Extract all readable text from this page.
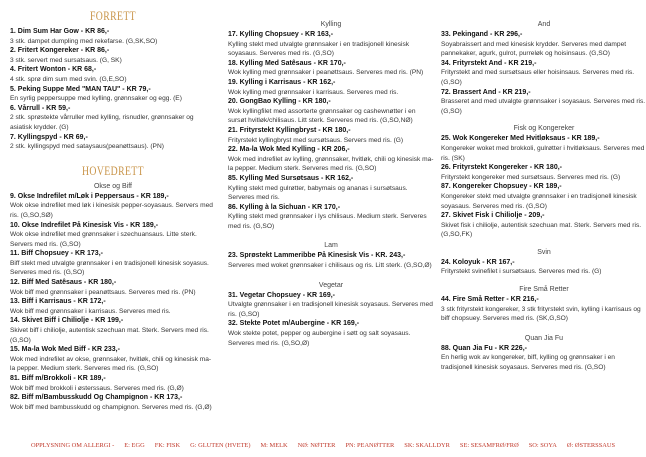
FORRETT
1. Dim Sum Har Gow - KR 86,-
3 stk. dampet dumpling med rekefarse. (G,SK,SO)
2. Fritert Kongereker - KR 86,-
3 stk. servert med sursatsaus. (G, SK)
4. Fritert Wonton - KR 68,-
4 stk. sprø dim sum med svin. (G,E,SO)
5. Peking Suppe Med "MAN TAU" - KR 79,-
En syrlig peppersuppe med kylling, grønnsaker og egg. (E)
6. Vårrull - KR 59,-
2 stk. sprøstekte vårruller med kylling, risnudler, grønnsaker og asiatisk krydder. (G)
7. Kyllingspyd - KR 69,-
2 stk. kyllingspyd med sataysaus(peanøttsaus). (PN)
HOVEDRETT
Okse og Biff
9. Okse Indrefilet m/Løk i Peppersaus - KR 189,-
Wok okse indrefilet med løk i kinesisk pepper-soyasaus. Servers med ris. (G,SO,SØ)
10. Okse Indrefilet På Kinesisk Vis - KR 189,-
Wok okse indrefilet med grønnsaker i szechuansaus. Litte sterk. Servers med ris. (G,SO)
11. Biff Chopsuey - KR 173,-
Biff stekt med utvalgte grønnsaker i en tradisjonell kinesisk soyasus. Serveres med ris. (G,SO)
12. Biff Med Satêsaus - KR 180,-
Wok biff med grønnsaker i peanøttsaus. Serveres med ris. (PN)
13. Biff i Karrisaus - KR 172,-
Wok biff med grønnsaker i karrisaus. Serveres med ris.
14. Skivet Biff i Chiliolje - KR 199,-
Skivet biff i chiliolje, autentisk szechuan mat. Sterk. Servers med ris. (G,SO)
15. Ma-la Wok Med Biff - KR 233,-
Wok med indrefilet av okse, grønnsaker, hvitløk, chili og kinesisk ma-la pepper. Medium sterk. Serveres med ris. (G,SO)
81. Biff m/Brokkoli - KR 189,-
Wok biff med brokkoli i østerssaus. Serveres med ris. (G,Ø)
82. Biff m/Bambusskudd Og Champignon - KR 173,-
Wok biff med bambusskudd og champignon. Serveres med ris. (G,Ø)
Kylling
17. Kylling Chopsuey - KR 163,-
Kylling stekt med utvalgte grønnsaker i en tradisjonell kinesisk soyasaus. Serveres med ris. (G,SO)
18. Kylling Med Satêsaus - KR 170,-
Wok kylling med grønnsaker i peanøttsaus. Serveres med ris. (PN)
19. Kylling i Karrisaus - KR 162,-
Wok kylling med grønnsaker i karrisaus. Serveres med ris.
20. GongBao Kylling - KR 180,-
Wok kyllingfilet med assorterte grønnsaker og cashewnøtter i en sursøt hvitløk/chilisaus. Litt sterk. Serveres med ris. (G,SO,NØ)
21. Frityrstekt Kyllingbryst - KR 180,-
Frityrstekt kyllingbryst med sursøtsaus. Servers med ris. (G)
22. Ma-la Wok Med Kylling - KR 206,-
Wok med indrefilet av kylling, grønnsaker, hvitløk, chili og kinesisk ma-la pepper. Medium sterk. Serveres med ris. (G,SO)
85. Kylling Med Sursøtsaus - KR 162,-
Kylling stekt med gulrøtter, babymais og ananas i sursøtsaus. Serveres med ris.
86. Kylling à la Sichuan - KR 170,-
Kylling stekt med grønnsaker i lys chilisaus. Medium sterk. Serveres med ris. (G,SO)
Lam
23. Sprøstekt Lammeribbe På Kinesisk Vis - KR. 243,-
Serveres med woket grønnsaker i chilisaus og ris. Litt sterk. (G,SO,Ø)
Vegetar
31. Vegetar Chopsuey - KR 169,-
Utvalgte grønnsaker i en tradisjonell kinesisk soyasaus. Serveres med ris. (G,SO)
32. Stekte Potet m/Aubergine - KR 169,-
Wok stekte potet, pepper og aubergine i søtt og salt soyasaus. Serveres med ris. (G,SO,Ø)
And
33. Pekingand - KR 296,-
Soyabraissert and med kinesisk krydder. Serveres med dampet pannekaker, agurk, gulrot, purreløk og hoisinsaus. (G,SO)
34. Frityrstekt And - KR 219,-
Frityrstekt and med sursøtsaus eller hoisinsaus. Serveres med ris. (G,SO)
72. Brassert And - KR 219,-
Brasseret and med utvalgte grønnsaker i soyasaus. Serveres med ris. (G,SO)
Fisk og Kongereker
25. Wok Kongereker Med Hvitløksaus - KR 189,-
Kongereker woket med brokkoli, gulrøtter i hvitløksaus. Serveres med ris. (SK)
26. Frityrstekt Kongereker - KR 180,-
Frityrstekt kongereker med sursøtsaus. Serveres med ris. (G)
87. Kongereker Chopsuey - KR 189,-
Kongereker stekt med utvalgte grønnsaker i en tradisjonell kinesisk soyasaus. Serveres med ris. (G,SO)
27. Skivet Fisk i Chiliolje - 209,-
Skivet fisk i chiliolje, autentisk szechuan mat. Sterk. Servers med ris. (G,SO,FK)
Svin
24. Koloyuk - KR 167,-
Frityrstekt svinefilet i sursøtsaus. Serveres med ris. (G)
Fire Små Retter
44. Fire Små Retter - KR 216,-
3 stk frityrstekt kongereker, 3 stk frityrstekt svin, kylling i karrisaus og biff chopsuey. Serveres med ris. (SK,G,SO)
Quan Jia Fu
88. Quan Jia Fu - KR 226,-
En herlig wok av kongereker, biff, kylling og grønnsaker i en tradisjonell kinesisk soyasaus. Serveres med ris. (G,SO)
OPPLYSNING OM ALLERGI - E: EGG FK: FISK G: GLUTEN (HVETE) M: MELK NØ: NØTTER PN: PEANØTTER SK: SKALLDYR SE: SESAMFRØ/FRØ SO: SOYA Ø: ØSTERSSAUS
